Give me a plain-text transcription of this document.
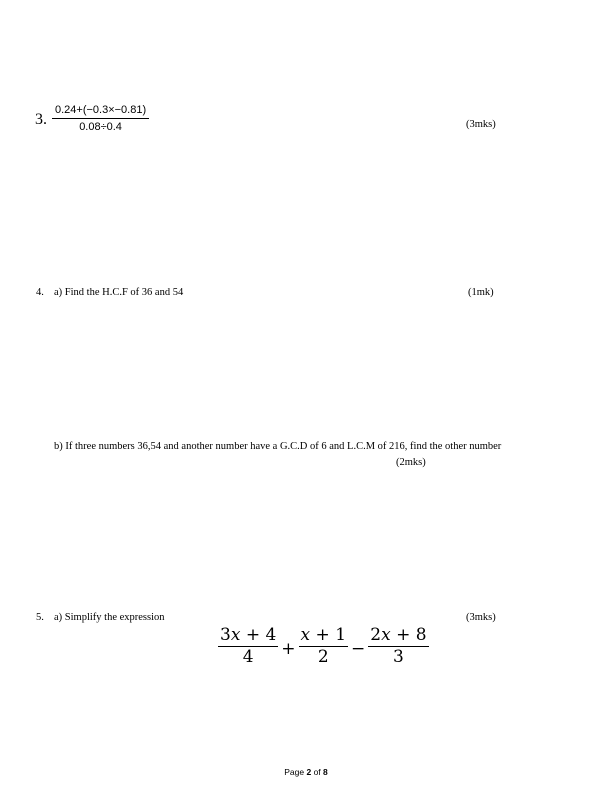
3.
0.24+(−0.3×−0.81)
0.08÷0.4	(3mks)
4. a) Find the H.C.F of 36 and 54	(1mk)
b) If three numbers 36,54 and another number have a G.C.D of 6 and L.C.M of 216, find the other number
(2mks)
5. a) Simplify the expression	(3mks)
$\frac{3x + 4}{4} + \frac{x + 1}{2} - \frac{2x + 8}{3}$
Page 2 of 8
